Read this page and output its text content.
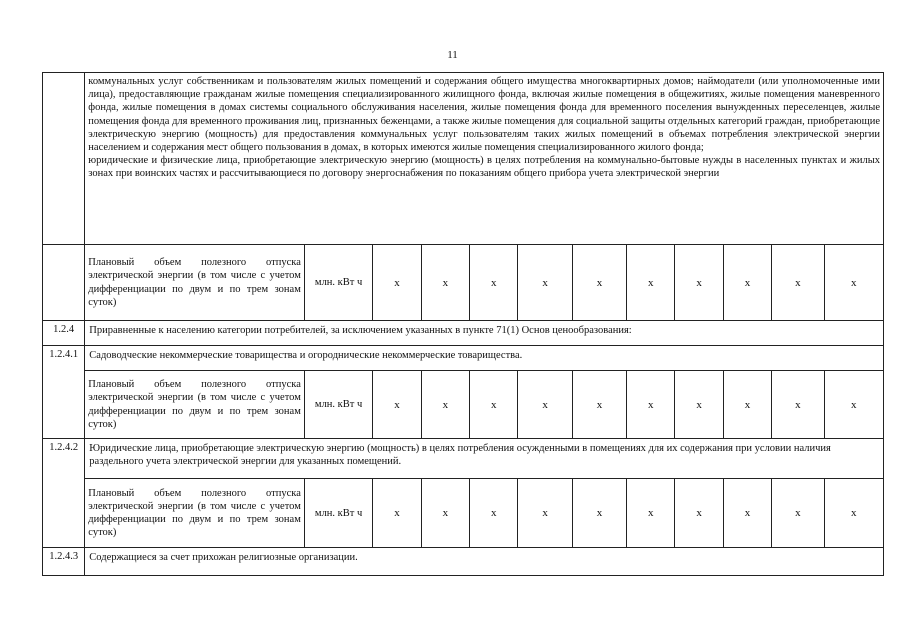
11

	коммунальных услуг собственникам и пользователям жилых помещений и содержания общего имущества многоквартирных домов; наймодатели (или уполномоченные ими лица), предоставляющие гражданам жилые помещения специализированного жилищного фонда, включая жилые помещения в общежитиях, жилые помещения маневренного фонда, жилые помещения в домах системы социального обслуживания населения, жилые помещения фонда для временного поселения вынужденных переселенцев, жилые помещения фонда для временного проживания лиц, признанных беженцами, а также жилые помещения для социальной защиты отдельных категорий граждан, приобретающие электрическую энергию (мощность) для предоставления коммунальных услуг пользователям таких жилых помещений в объемах потребления электрической энергии населением и содержания мест общего пользования в домах, в которых имеются жилые помещения специализированного жилого фонда;
юридические и физические лица, приобретающие электрическую энергию (мощность) в целях потребления на коммунально-бытовые нужды в населенных пунктах и жилых зонах при воинских частях и рассчитывающиеся по договору энергоснабжения по показаниям общего прибора учета электрической энергии											

	Плановый объем полезного отпуска электрической энергии (в том числе с учетом дифференциации по двум и по трем зонам суток)	млн. кВт ч	х	х	х	х	х	х	х	х	х	х
1.2.4	Приравненные к населению категории потребителей, за исключением указанных в пункте 71(1) Основ ценообразования:											
1.2.4.1	Садоводческие некоммерческие товарищества и огороднические некоммерческие товарищества.											
	Плановый объем полезного отпуска электрической энергии (в том числе с учетом дифференциации по двум и по трем зонам суток)	млн. кВт ч	х	х	х	х	х	х	х	х	х	х
1.2.4.2	Юридические лица, приобретающие электрическую энергию (мощность) в целях потребления осужденными в помещениях для их содержания при условии наличия раздельного учета электрической энергии для указанных помещений.											
	Плановый объем полезного отпуска электрической энергии (в том числе с учетом дифференциации по двум и по трем зонам суток)	млн. кВт ч	х	х	х	х	х	х	х	х	х	х
1.2.4.3	Содержащиеся за счет прихожан религиозные организации.											
